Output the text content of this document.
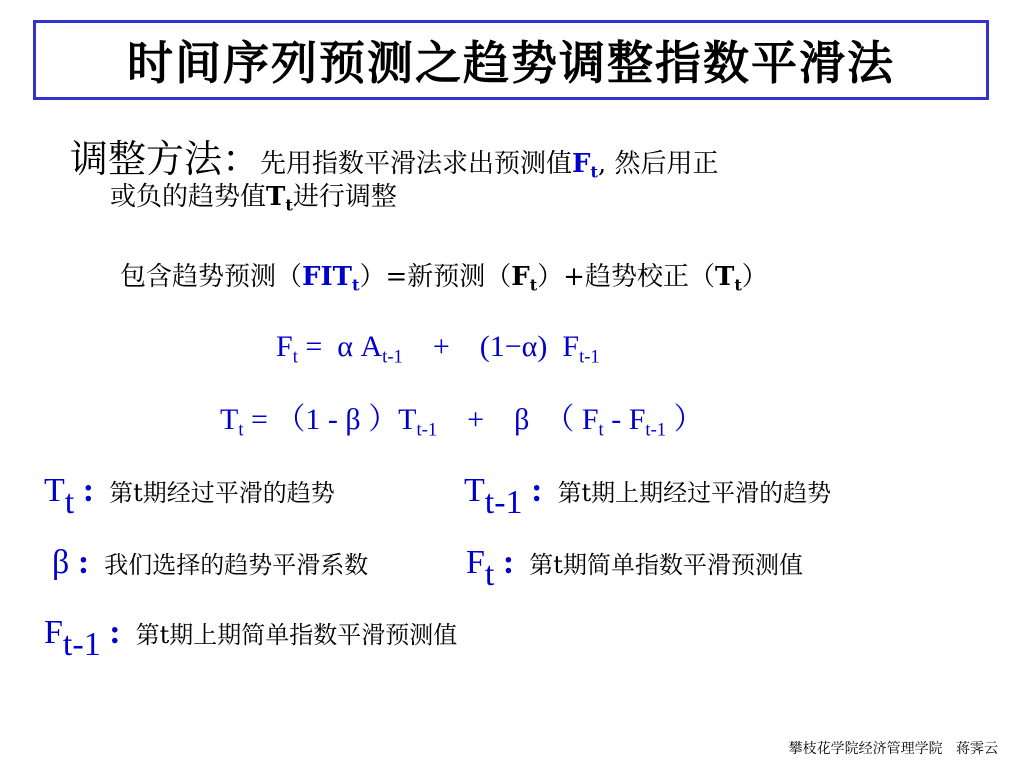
时间序列预测之趋势调整指数平滑法
调整方法：先用指数平滑法求出预测值$F_t$, 然后用正
或负的趋势值$T_t$进行调整
包含趋势预测$(FIT_t)=$新预测$(F_t)+$趋势校正$(T_t)$
$F_t = \alpha$ $A_{t-1}$    +    (1−α)  $F_{t-1}$
$T_t = (1 - \beta$ ）$T_{t-1}$    +    β  （ $F_t - F_{t-1}$ ）
$T_t$ : 第t期经过平滑的趋势	$T_{t-1}$ : 第t期上期经过平滑的趋势
β : 我们选择的趋势平滑系数	$F_t$ : 第t期简单指数平滑预测值
$F_{t-1}$ : 第t期上期简单指数平滑预测值
攀枝花学院经济管理学院   蒋霁云
